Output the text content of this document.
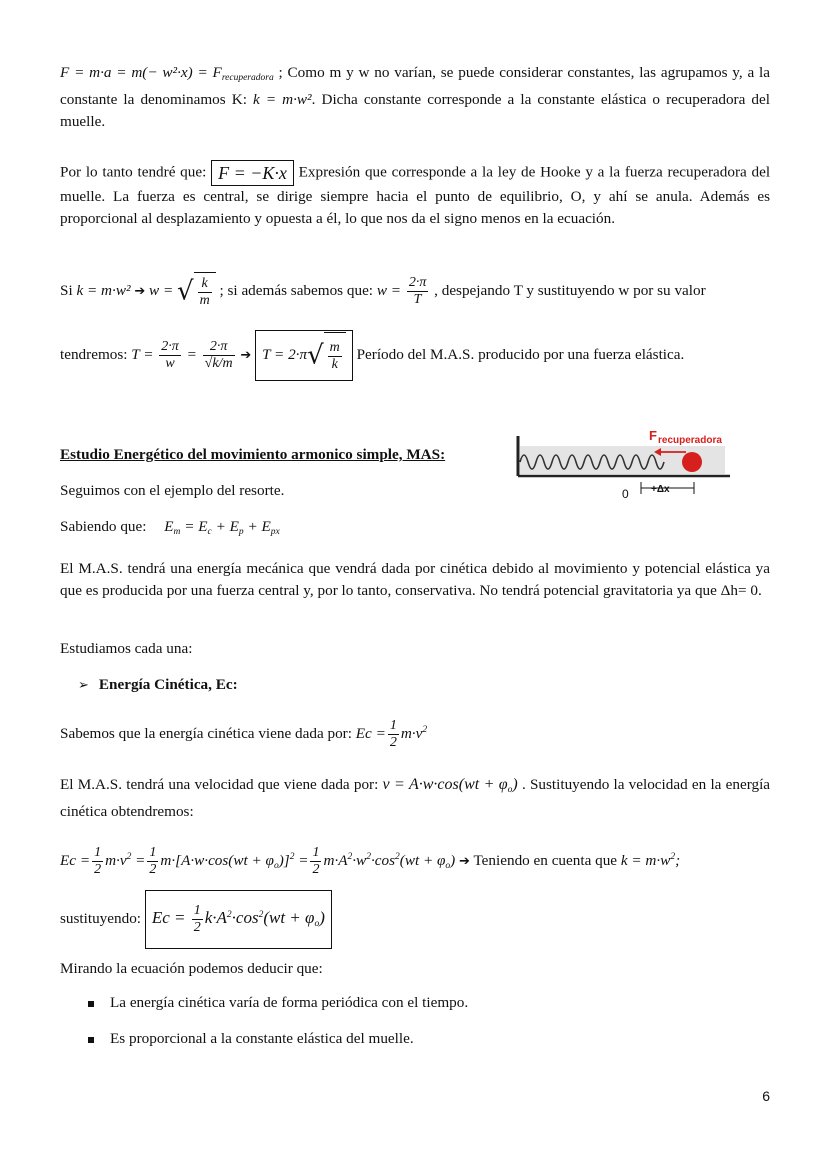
$F = m\cdot a = m(- w^2\cdot x) = F_{recuperadora}$ ; Como m y w no varían, se puede considerar constantes, las agrupamos y, a la constante la denominamos K: k = m·w². Dicha constante corresponde a la constante elástica o recuperadora del muelle.

Por lo tanto tendré que: F = −K·x Expresión que corresponde a la ley de Hooke y a la fuerza recuperadora del muelle. La fuerza es central, se dirige siempre hacia el punto de equilibrio, O, y ahí se anula. Además es proporcional al desplazamiento y opuesta a él, lo que nos da el signo menos en la ecuación.

Si k = m·w² ➔ w = √ $\frac{k}{m}$ ; si además sabemos que: $w = \frac{2\cdot\pi}{T}$ , despejando T y sustituyendo w por su valor
tendremos: $T = \frac{2\cdot\pi}{w} = \frac{2\cdot\pi}{√k/m}$ ➔ $T = 2\cdot\pi√ \frac{m}{k}$ Período del M.A.S. producido por una fuerza elástica.
F recuperadora
0 +Δx

Estudio Energético del movimiento armonico simple, MAS:

Seguimos con el ejemplo del resorte.

Sabiendo que: $E_m = E_c + E_p + E_{px}$

El M.A.S. tendrá una energía mecánica que vendrá dada por cinética debido al movimiento y potencial elástica ya que es producida por una fuerza central y, por lo tanto, conservativa. No tendrá potencial gravitatoria ya que Δh= 0.

Estudiamos cada una:

➢ Energía Cinética, Ec:

Sabemos que la energía cinética viene dada por: $Ec = \frac{1}{2} m\cdot v^2$

El M.A.S. tendrá una velocidad que viene dada por: $v = A\cdot w\cdot\cos(wt + \varphi_o)$ . Sustituyendo la velocidad en la energía cinética obtendremos:

$Ec = \frac{1}{2} m\cdot v^2 = \frac{1}{2} m\cdot[A\cdot w\cdot\cos(wt + \varphi_o)]^2 = \frac{1}{2} m\cdot A^2\cdot w^2\cdot\cos^2(wt + \varphi_o)$ ➔ Teniendo en cuenta que $k = m\cdot w^2$;
sustituyendo: $Ec = \frac{1}{2} k\cdot A^2\cdot\cos^2(wt + \varphi_o)$

Mirando la ecuación podemos deducir que:

La energía cinética varía de forma periódica con el tiempo.

Es proporcional a la constante elástica del muelle.

6
